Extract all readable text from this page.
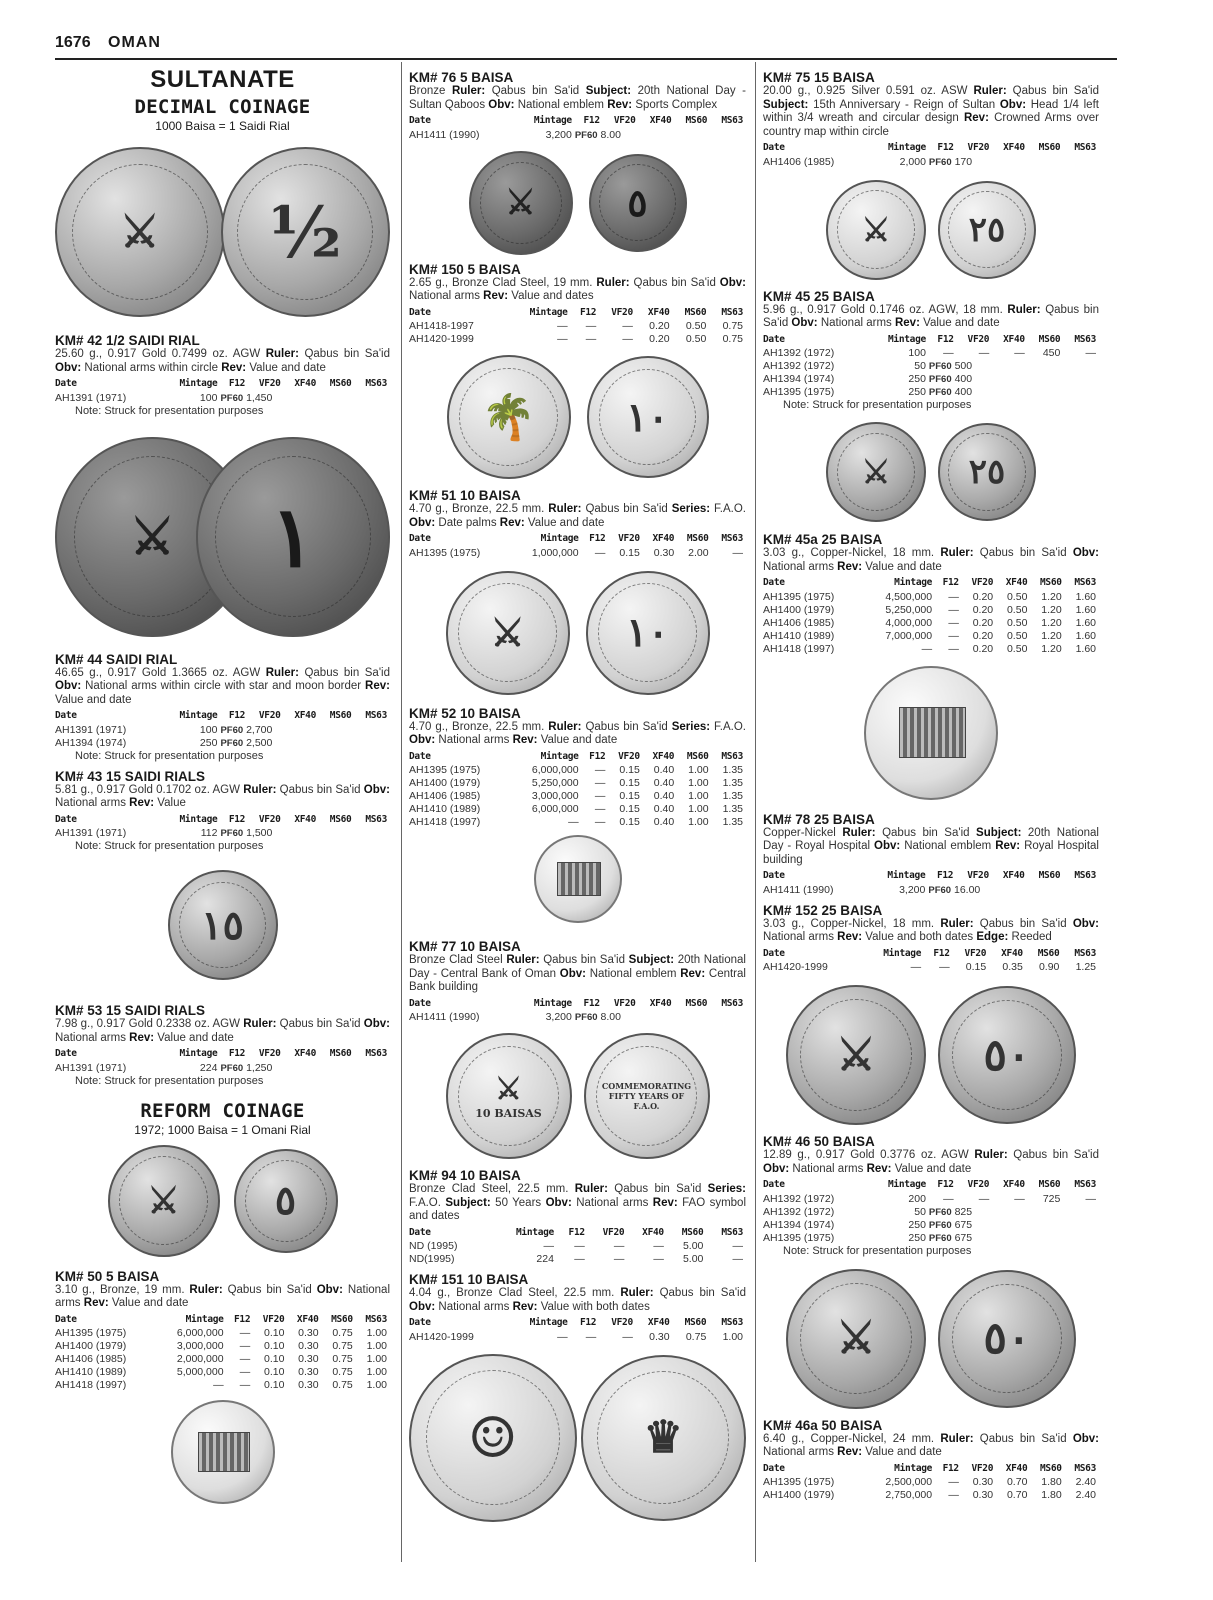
1676 OMAN
SULTANATE
DECIMAL COINAGE
1000 Baisa = 1 Saidi Rial
⚔	½
KM# 42 1/2 SAIDI RIAL
25.60 g., 0.917 Gold 0.7499 oz. AGW Ruler: Qabus bin Sa'id Obv: National arms within circle Rev: Value and date
Date	Mintage	F12	VF20	XF40	MS60	MS63
AH1391 (1971)	100	PF60 1,450				
Note: Struck for presentation purposes
⚔	١
KM# 44 SAIDI RIAL
46.65 g., 0.917 Gold 1.3665 oz. AGW Ruler: Qabus bin Sa'id Obv: National arms within circle with star and moon border Rev: Value and date
Date	Mintage	F12	VF20	XF40	MS60	MS63
AH1391 (1971)	100	PF60 2,700				
AH1394 (1974)	250	PF60 2,500				
Note: Struck for presentation purposes
KM# 43 15 SAIDI RIALS
5.81 g., 0.917 Gold 0.1702 oz. AGW Ruler: Qabus bin Sa'id Obv: National arms Rev: Value
Date	Mintage	F12	VF20	XF40	MS60	MS63
AH1391 (1971)	112	PF60 1,500				
Note: Struck for presentation purposes
١٥
KM# 53 15 SAIDI RIALS
7.98 g., 0.917 Gold 0.2338 oz. AGW Ruler: Qabus bin Sa'id Obv: National arms Rev: Value and date
Date	Mintage	F12	VF20	XF40	MS60	MS63
AH1391 (1971)	224	PF60 1,250				
Note: Struck for presentation purposes
REFORM COINAGE
1972; 1000 Baisa = 1 Omani Rial
⚔	٥
KM# 50 5 BAISA
3.10 g., Bronze, 19 mm. Ruler: Qabus bin Sa'id Obv: National arms Rev: Value and date
Date	Mintage	F12	VF20	XF40	MS60	MS63
AH1395 (1975)	6,000,000	—	0.10	0.30	0.75	1.00
AH1400 (1979)	3,000,000	—	0.10	0.30	0.75	1.00
AH1406 (1985)	2,000,000	—	0.10	0.30	0.75	1.00
AH1410 (1989)	5,000,000	—	0.10	0.30	0.75	1.00
AH1418 (1997)	—	—	0.10	0.30	0.75	1.00
KM# 76 5 BAISA
Bronze Ruler: Qabus bin Sa'id Subject: 20th National Day - Sultan Qaboos Obv: National emblem Rev: Sports Complex
Date	Mintage	F12	VF20	XF40	MS60	MS63
AH1411 (1990)	3,200	PF60 8.00				
⚔	٥
KM# 150 5 BAISA
2.65 g., Bronze Clad Steel, 19 mm. Ruler: Qabus bin Sa'id Obv: National arms Rev: Value and dates
Date	Mintage	F12	VF20	XF40	MS60	MS63
AH1418-1997	—	—	—	0.20	0.50	0.75
AH1420-1999	—	—	—	0.20	0.50	0.75
🌴	١٠
KM# 51 10 BAISA
4.70 g., Bronze, 22.5 mm. Ruler: Qabus bin Sa'id Series: F.A.O. Obv: Date palms Rev: Value and date
Date	Mintage	F12	VF20	XF40	MS60	MS63
AH1395 (1975)	1,000,000	—	0.15	0.30	2.00	—
⚔	١٠
KM# 52 10 BAISA
4.70 g., Bronze, 22.5 mm. Ruler: Qabus bin Sa'id Series: F.A.O. Obv: National arms Rev: Value and date
Date	Mintage	F12	VF20	XF40	MS60	MS63
AH1395 (1975)	6,000,000	—	0.15	0.40	1.00	1.35
AH1400 (1979)	5,250,000	—	0.15	0.40	1.00	1.35
AH1406 (1985)	3,000,000	—	0.15	0.40	1.00	1.35
AH1410 (1989)	6,000,000	—	0.15	0.40	1.00	1.35
AH1418 (1997)	—	—	0.15	0.40	1.00	1.35
KM# 77 10 BAISA
Bronze Clad Steel Ruler: Qabus bin Sa'id Subject: 20th National Day - Central Bank of Oman Obv: National emblem Rev: Central Bank building
Date	Mintage	F12	VF20	XF40	MS60	MS63
AH1411 (1990)	3,200	PF60 8.00				
⚔
10 BAISAS
COMMEMORATING FIFTY YEARS OF F.A.O.
KM# 94 10 BAISA
Bronze Clad Steel, 22.5 mm. Ruler: Qabus bin Sa'id Series: F.A.O. Subject: 50 Years Obv: National arms Rev: FAO symbol and dates
Date	Mintage	F12	VF20	XF40	MS60	MS63
ND (1995)	—	—	—	—	5.00	—
ND(1995)	224	—	—	—	5.00	—
KM# 151 10 BAISA
4.04 g., Bronze Clad Steel, 22.5 mm. Ruler: Qabus bin Sa'id Obv: National arms Rev: Value with both dates
Date	Mintage	F12	VF20	XF40	MS60	MS63
AH1420-1999	—	—	—	0.30	0.75	1.00
☺	♛
KM# 75 15 BAISA
20.00 g., 0.925 Silver 0.591 oz. ASW Ruler: Qabus bin Sa'id Subject: 15th Anniversary - Reign of Sultan Obv: Head 1/4 left within 3/4 wreath and circular design Rev: Crowned Arms over country map within circle
Date	Mintage	F12	VF20	XF40	MS60	MS63
AH1406 (1985)	2,000	PF60 170				
⚔	٢٥
KM# 45 25 BAISA
5.96 g., 0.917 Gold 0.1746 oz. AGW, 18 mm. Ruler: Qabus bin Sa'id Obv: National arms Rev: Value and date
Date	Mintage	F12	VF20	XF40	MS60	MS63
AH1392 (1972)	100	—	—	—	450	—
AH1392 (1972)	50	PF60 500				
AH1394 (1974)	250	PF60 400				
AH1395 (1975)	250	PF60 400				
Note: Struck for presentation purposes
⚔	٢٥
KM# 45a 25 BAISA
3.03 g., Copper-Nickel, 18 mm. Ruler: Qabus bin Sa'id Obv: National arms Rev: Value and date
Date	Mintage	F12	VF20	XF40	MS60	MS63
AH1395 (1975)	4,500,000	—	0.20	0.50	1.20	1.60
AH1400 (1979)	5,250,000	—	0.20	0.50	1.20	1.60
AH1406 (1985)	4,000,000	—	0.20	0.50	1.20	1.60
AH1410 (1989)	7,000,000	—	0.20	0.50	1.20	1.60
AH1418 (1997)	—	—	0.20	0.50	1.20	1.60
KM# 78 25 BAISA
Copper-Nickel Ruler: Qabus bin Sa'id Subject: 20th National Day - Royal Hospital Obv: National emblem Rev: Royal Hospital building
Date	Mintage	F12	VF20	XF40	MS60	MS63
AH1411 (1990)	3,200	PF60 16.00				
KM# 152 25 BAISA
3.03 g., Copper-Nickel, 18 mm. Ruler: Qabus bin Sa'id Obv: National arms Rev: Value and both dates Edge: Reeded
Date	Mintage	F12	VF20	XF40	MS60	MS63
AH1420-1999	—	—	0.15	0.35	0.90	1.25
⚔	٥٠
KM# 46 50 BAISA
12.89 g., 0.917 Gold 0.3776 oz. AGW Ruler: Qabus bin Sa'id Obv: National arms Rev: Value and date
Date	Mintage	F12	VF20	XF40	MS60	MS63
AH1392 (1972)	200	—	—	—	725	—
AH1392 (1972)	50	PF60 825				
AH1394 (1974)	250	PF60 675				
AH1395 (1975)	250	PF60 675				
Note: Struck for presentation purposes
⚔	٥٠
KM# 46a 50 BAISA
6.40 g., Copper-Nickel, 24 mm. Ruler: Qabus bin Sa'id Obv: National arms Rev: Value and date
Date	Mintage	F12	VF20	XF40	MS60	MS63
AH1395 (1975)	2,500,000	—	0.30	0.70	1.80	2.40
AH1400 (1979)	2,750,000	—	0.30	0.70	1.80	2.40
